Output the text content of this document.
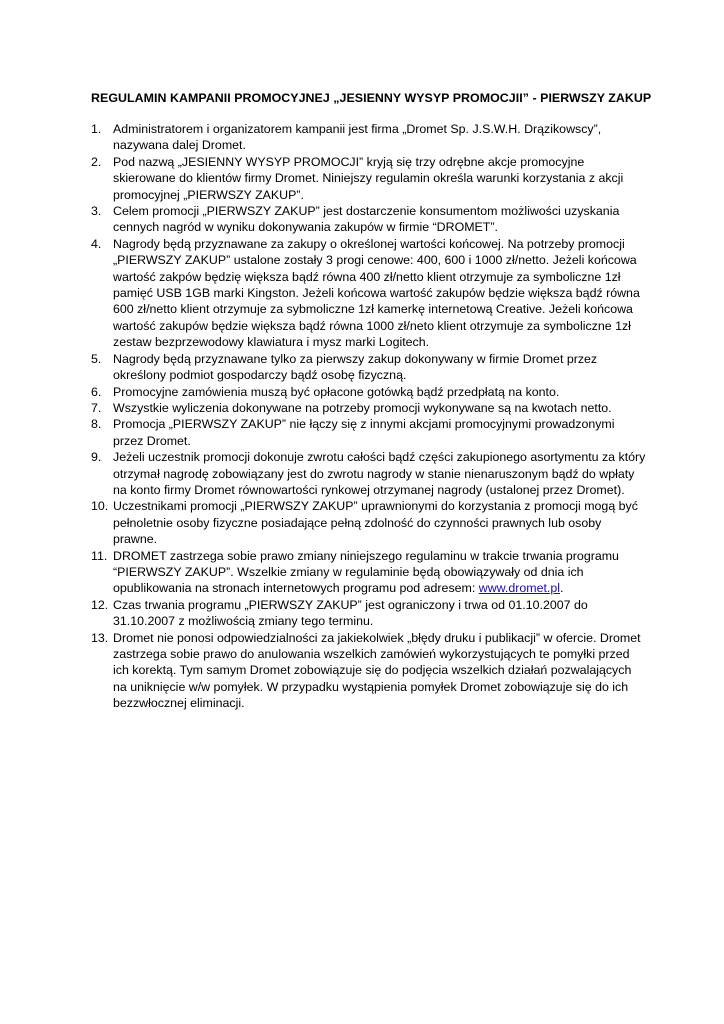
REGULAMIN KAMPANII PROMOCYJNEJ „JESIENNY WYSYP PROMOCJII” - PIERWSZY ZAKUP
1. Administratorem i organizatorem kampanii jest firma „Dromet Sp. J.S.W.H. Drązikowscy”, nazywana dalej Dromet.
2. Pod nazwą „JESIENNY WYSYP PROMOCJI” kryją się trzy odrębne akcje promocyjne skierowane do klientów firmy Dromet. Niniejszy regulamin określa warunki korzystania z akcji promocyjnej „PIERWSZY ZAKUP”.
3. Celem promocji „PIERWSZY ZAKUP” jest dostarczenie konsumentom możliwości uzyskania cennych nagród w wyniku dokonywania zakupów w firmie “DROMET”.
4. Nagrody będą przyznawane za zakupy o określonej wartości końcowej. Na potrzeby promocji „PIERWSZY ZAKUP” ustalone zostały 3 progi cenowe: 400, 600 i 1000 zł/netto. Jeżeli końcowa wartość zakpów będzię większa bądź równa 400 zł/netto klient otrzymuje za symboliczne 1zł pamięć USB 1GB marki Kingston. Jeżeli końcowa wartość zakupów będzie większa bądź równa 600 zł/netto klient otrzymuje za sybmoliczne 1zł kamerkę internetową Creative. Jeżeli końcowa wartość zakupów będzie większa bądź równa 1000 zł/neto klient otrzymuje za symboliczne 1zł zestaw bezprzewodowy klawiatura i mysz marki Logitech.
5. Nagrody będą przyznawane tylko za pierwszy zakup dokonywany w firmie Dromet przez określony podmiot gospodarczy bądź osobę fizyczną.
6. Promocyjne zamówienia muszą być opłacone gotówką bądź przedpłatą na konto.
7. Wszystkie wyliczenia dokonywane na potrzeby promocji wykonywane są na kwotach netto.
8. Promocja „PIERWSZY ZAKUP” nie łączy się z innymi akcjami promocyjnymi prowadzonymi przez Dromet.
9. Jeżeli uczestnik promocji dokonuje zwrotu całości bądź części zakupionego asortymentu za który otrzymał nagrodę zobowiązany jest do zwrotu nagrody w stanie nienaruszonym bądź do wpłaty na konto firmy Dromet równowartości rynkowej otrzymanej nagrody (ustalonej przez Dromet).
10. Uczestnikami promocji „PIERWSZY ZAKUP” uprawnionymi do korzystania z promocji mogą być pełnoletnie osoby fizyczne posiadające pełną zdolność do czynności prawnych lub osoby prawne.
11. DROMET zastrzega sobie prawo zmiany niniejszego regulaminu w trakcie trwania programu “PIERWSZY ZAKUP”. Wszelkie zmiany w regulaminie będą obowiązywały od dnia ich opublikowania na stronach internetowych programu pod adresem: www.dromet.pl.
12. Czas trwania programu „PIERWSZY ZAKUP” jest ograniczony i trwa od 01.10.2007 do 31.10.2007 z możliwością zmiany tego terminu.
13. Dromet nie ponosi odpowiedzialności za jakiekolwiek „błędy druku i publikacji” w ofercie. Dromet zastrzega sobie prawo do anulowania wszelkich zamówień wykorzystujących te pomyłki przed ich korektą. Tym samym Dromet zobowiązuje się do podjęcia wszelkich działań pozwalających na uniknięcie w/w pomyłek. W przypadku wystąpienia pomyłek Dromet zobowiązuje się do ich bezzwłocznej eliminacji.
